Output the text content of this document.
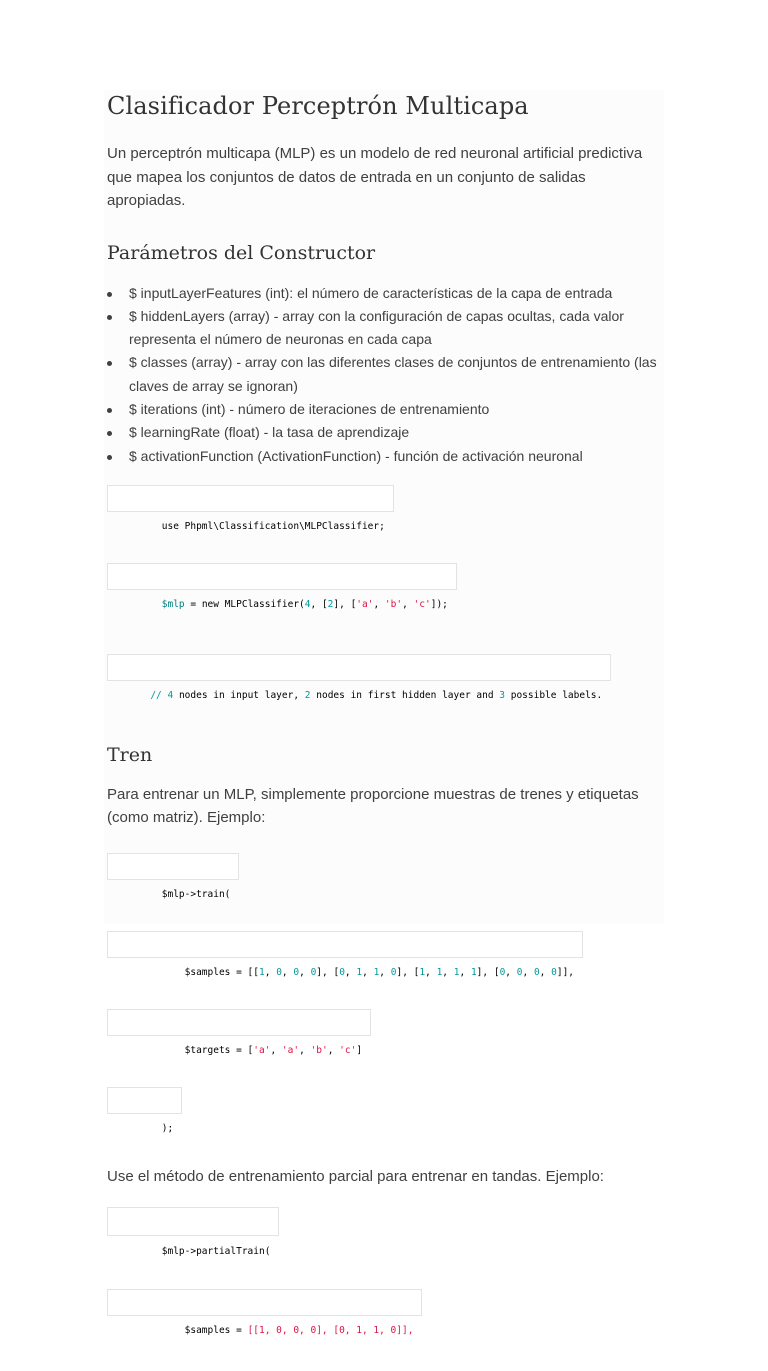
Clasificador Perceptrón Multicapa

Un perceptrón multicapa (MLP) es un modelo de red neuronal artificial predictiva que mapea los conjuntos de datos de entrada en un conjunto de salidas apropiadas.

Parámetros del Constructor
$ inputLayerFeatures (int): el número de características de la capa de entrada
$ hiddenLayers (array) - array con la configuración de capas ocultas, cada valor representa el número de neuronas en cada capa
$ classes (array) - array con las diferentes clases de conjuntos de entrenamiento (las claves de array se ignoran)
$ iterations (int) - número de iteraciones de entrenamiento
$ learningRate (float) - la tasa de aprendizaje
$ activationFunction (ActivationFunction) - función de activación neuronal

use Phpml\Classification\MLPClassifier;

$mlp = new MLPClassifier(4, [2], ['a', 'b', 'c']);

// 4 nodes in input layer, 2 nodes in first hidden layer and 3 possible labels.

Tren

Para entrenar un MLP, simplemente proporcione muestras de trenes y etiquetas (como matriz). Ejemplo:

$mlp->train(

$samples = [[1, 0, 0, 0], [0, 1, 1, 0], [1, 1, 1, 1], [0, 0, 0, 0]],

$targets = ['a', 'a', 'b', 'c']

);

Use el método de entrenamiento parcial para entrenar en tandas. Ejemplo:

$mlp->partialTrain(

$samples = [[1, 0, 0, 0], [0, 1, 1, 0]],
